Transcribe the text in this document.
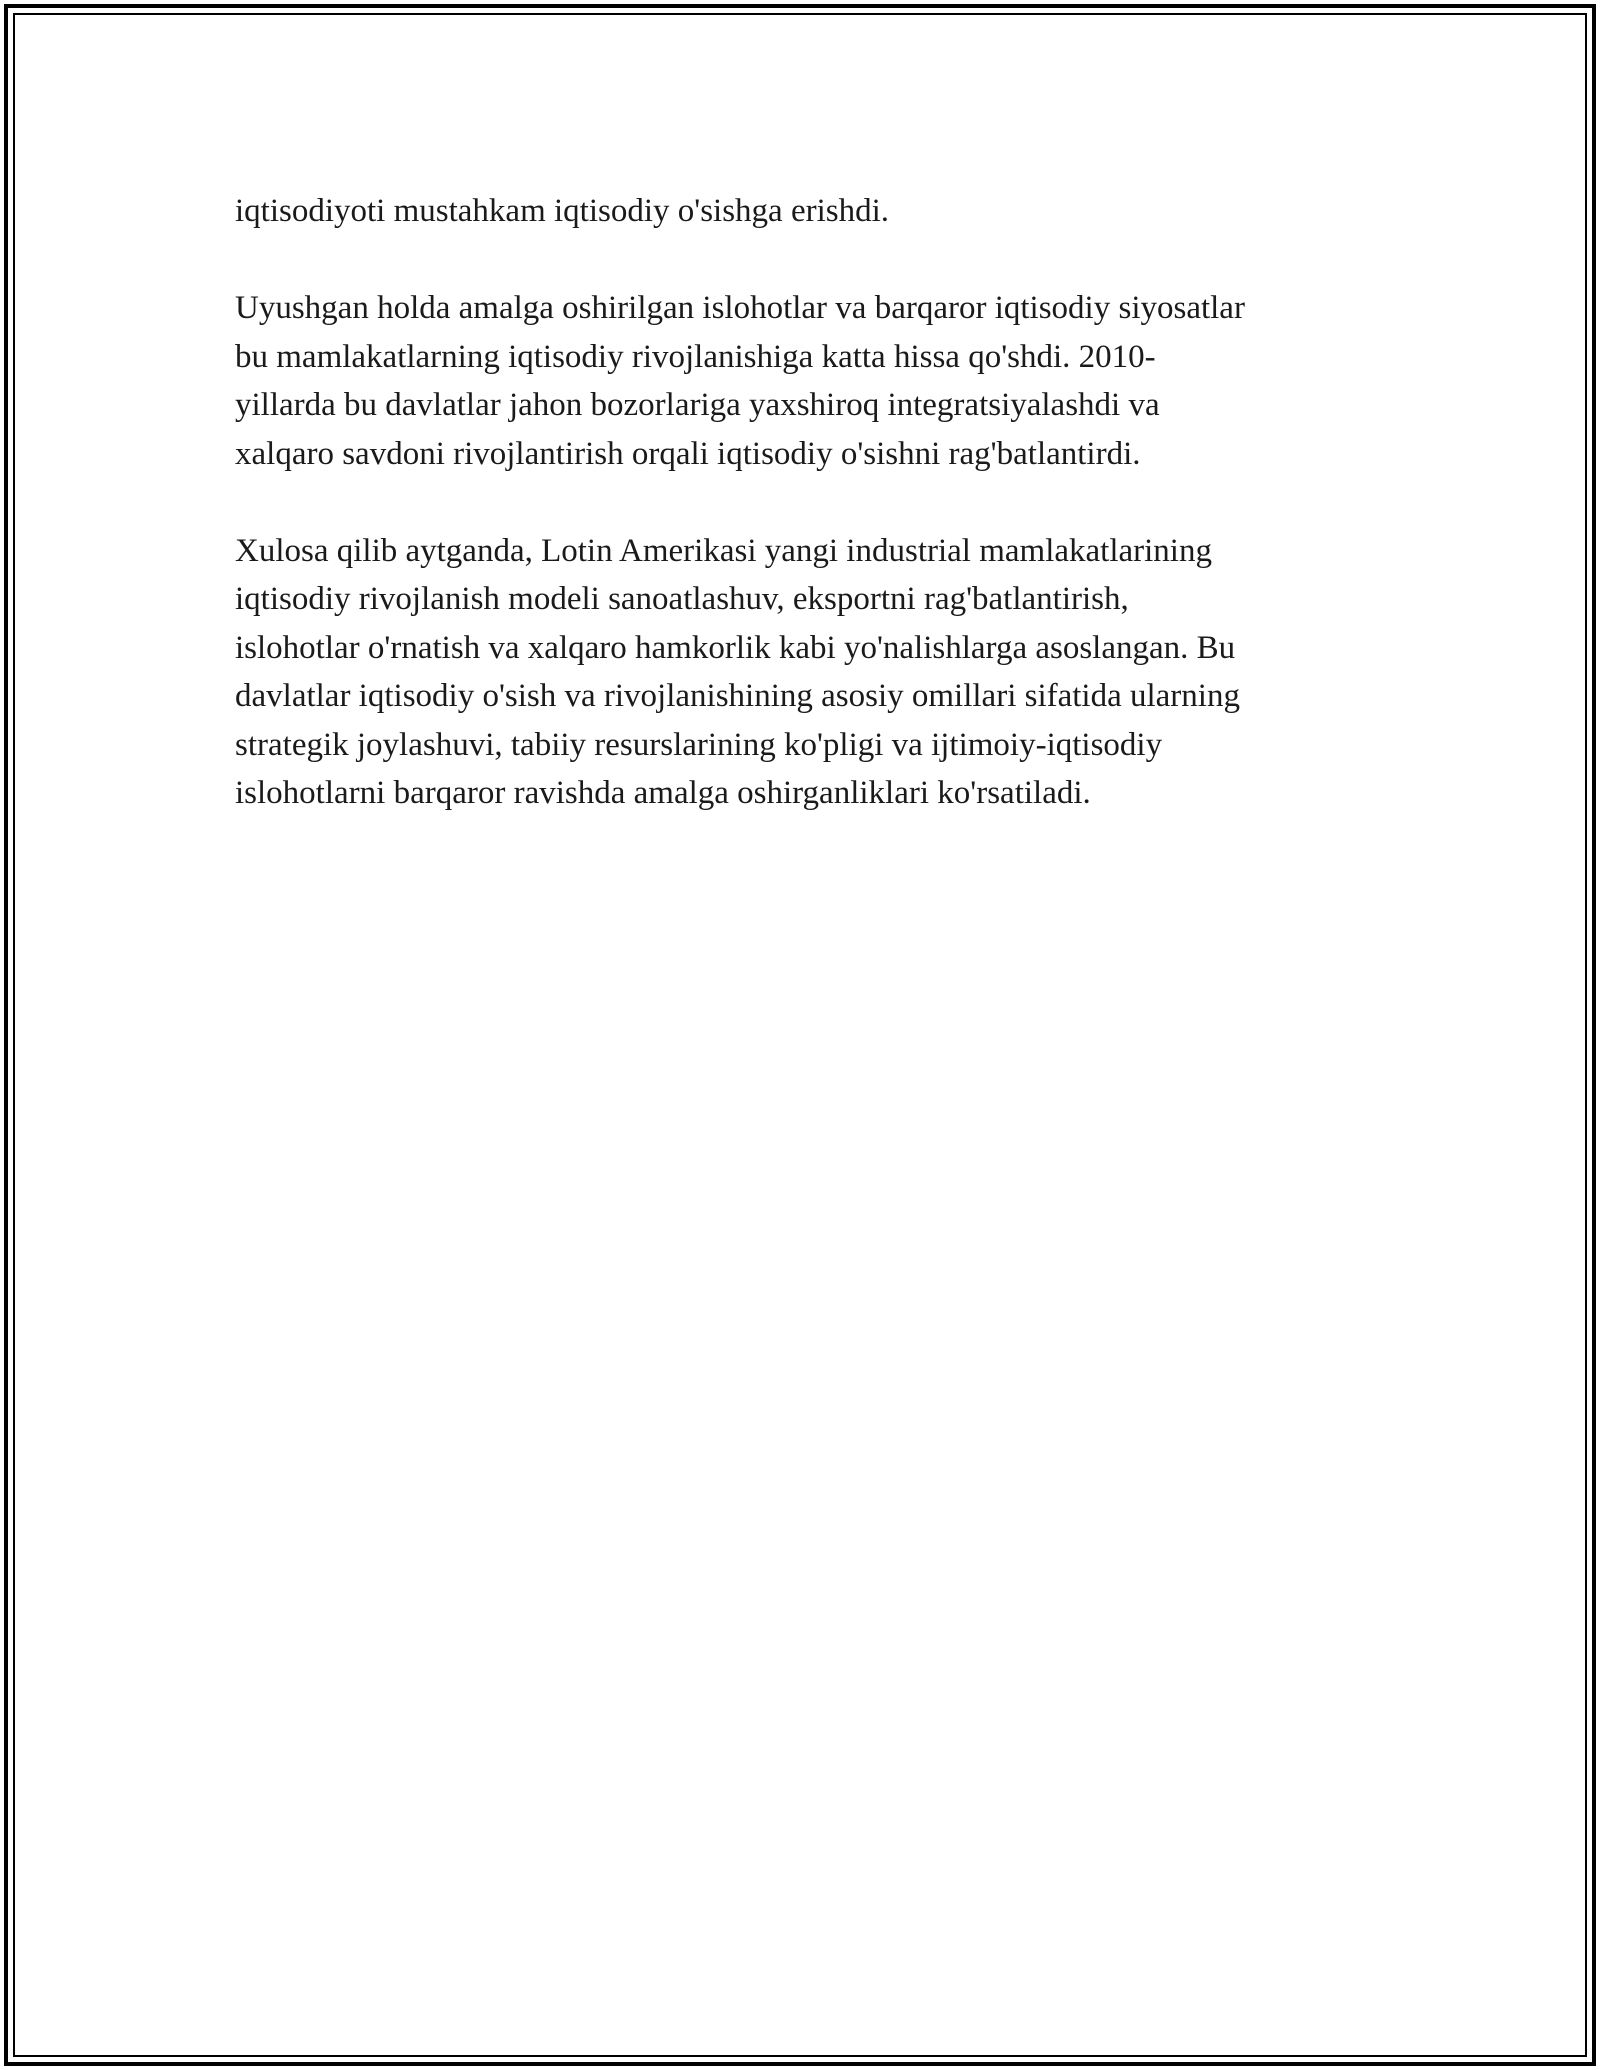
iqtisodiyoti mustahkam iqtisodiy o'sishga erishdi.
Uyushgan holda amalga oshirilgan islohotlar va barqaror iqtisodiy siyosatlar
bu mamlakatlarning iqtisodiy rivojlanishiga katta hissa qo'shdi. 2010-
yillarda bu davlatlar jahon bozorlariga yaxshiroq integratsiyalashdi va
xalqaro savdoni rivojlantirish orqali iqtisodiy o'sishni rag'batlantirdi.
Xulosa qilib aytganda, Lotin Amerikasi yangi industrial mamlakatlarining
iqtisodiy rivojlanish modeli sanoatlashuv, eksportni rag'batlantirish,
islohotlar o'rnatish va xalqaro hamkorlik kabi yo'nalishlarga asoslangan. Bu
davlatlar iqtisodiy o'sish va rivojlanishining asosiy omillari sifatida ularning
strategik joylashuvi, tabiiy resurslarining ko'pligi va ijtimoiy-iqtisodiy
islohotlarni barqaror ravishda amalga oshirganliklari ko'rsatiladi.
